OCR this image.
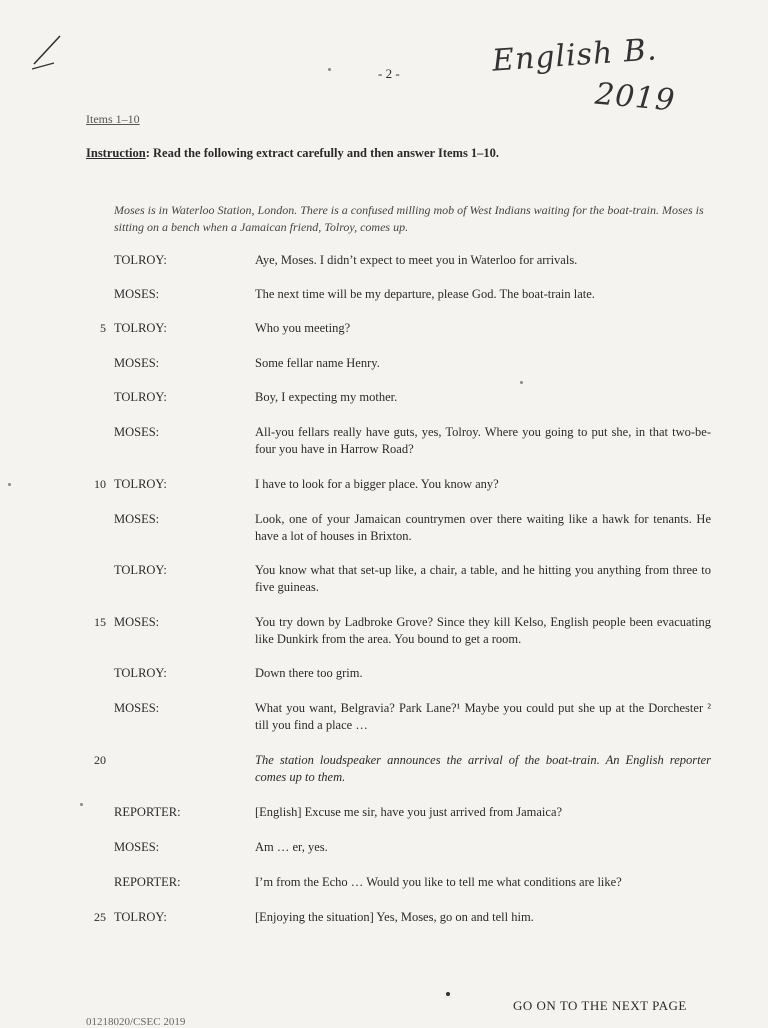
- 2 -	English B.
2019
Items 1–10
Instruction: Read the following extract carefully and then answer Items 1–10.
Moses is in Waterloo Station, London. There is a confused milling mob of West Indians waiting for the boat-train. Moses is sitting on a bench when a Jamaican friend, Tolroy, comes up.
TOLROY:	Aye, Moses. I didn’t expect to meet you in Waterloo for arrivals.
MOSES:	The next time will be my departure, please God. The boat-train late.
5 TOLROY:	Who you meeting?
MOSES:	Some fellar name Henry.
TOLROY:	Boy, I expecting my mother.
MOSES:	All-you fellars really have guts, yes, Tolroy. Where you going to put she, in that two-be-four you have in Harrow Road?
10 TOLROY:	I have to look for a bigger place. You know any?
MOSES:	Look, one of your Jamaican countrymen over there waiting like a hawk for tenants. He have a lot of houses in Brixton.
TOLROY:	You know what that set-up like, a chair, a table, and he hitting you anything from three to five guineas.
15 MOSES:	You try down by Ladbroke Grove? Since they kill Kelso, English people been evacuating like Dunkirk from the area. You bound to get a room.
TOLROY:	Down there too grim.
MOSES:	What you want, Belgravia? Park Lane?¹ Maybe you could put she up at the Dorchester ² till you find a place …
20	The station loudspeaker announces the arrival of the boat-train. An English reporter comes up to them.
REPORTER:	[English] Excuse me sir, have you just arrived from Jamaica?
MOSES:	Am … er, yes.
REPORTER:	I’m from the Echo … Would you like to tell me what conditions are like?
25 TOLROY:	[Enjoying the situation] Yes, Moses, go on and tell him.
GO ON TO THE NEXT PAGE
01218020/CSEC 2019
